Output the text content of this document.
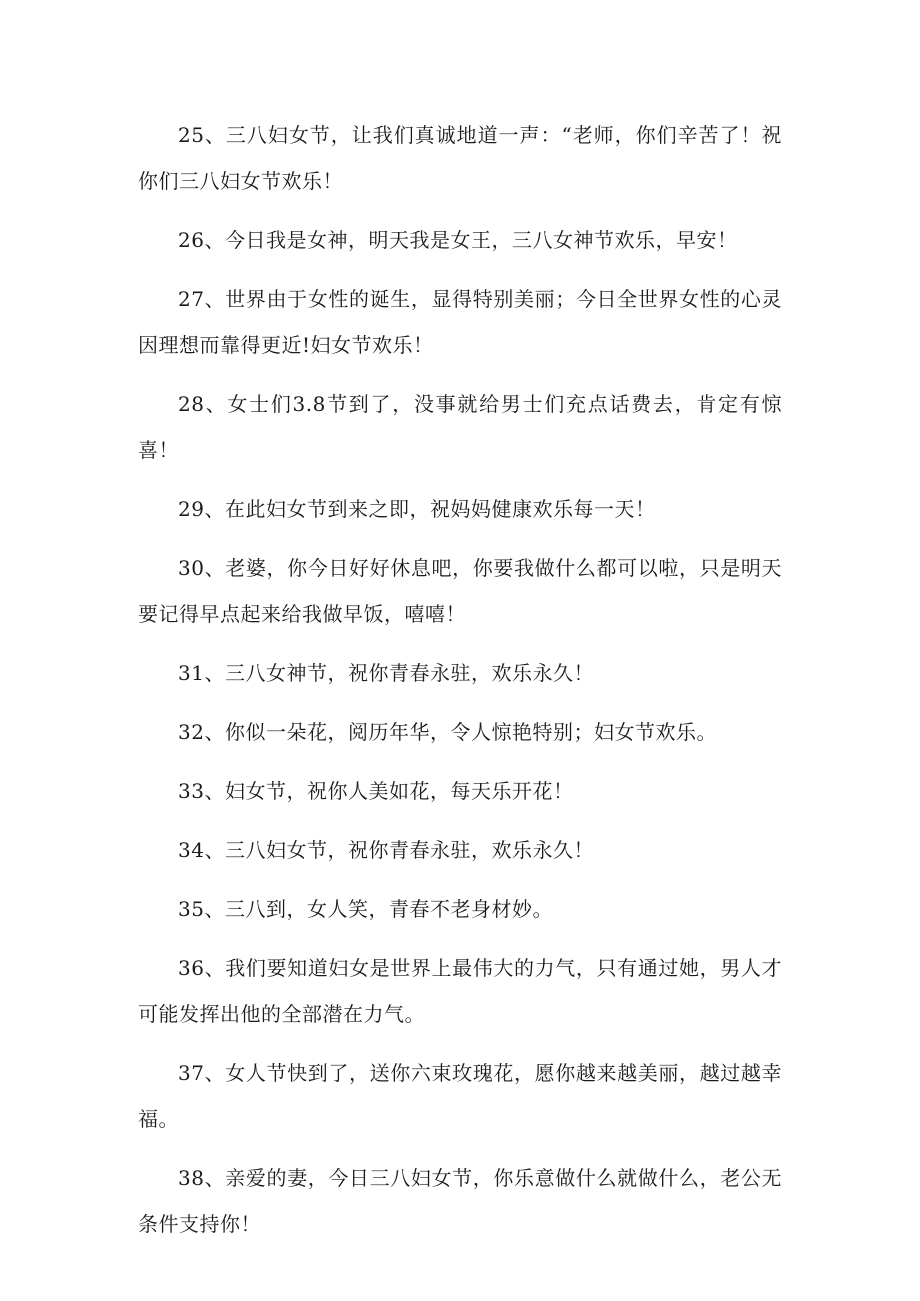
25、三八妇女节，让我们真诚地道一声：“老师，你们辛苦了！祝你们三八妇女节欢乐！

26、今日我是女神，明天我是女王，三八女神节欢乐，早安！

27、世界由于女性的诞生，显得特别美丽；今日全世界女性的心灵因理想而靠得更近!妇女节欢乐！

28、女士们3.8节到了，没事就给男士们充点话费去，肯定有惊喜！

29、在此妇女节到来之即，祝妈妈健康欢乐每一天！

30、老婆，你今日好好休息吧，你要我做什么都可以啦，只是明天要记得早点起来给我做早饭，嘻嘻！

31、三八女神节，祝你青春永驻，欢乐永久！

32、你似一朵花，阅历年华，令人惊艳特别；妇女节欢乐。

33、妇女节，祝你人美如花，每天乐开花！

34、三八妇女节，祝你青春永驻，欢乐永久！

35、三八到，女人笑，青春不老身材妙。

36、我们要知道妇女是世界上最伟大的力气，只有通过她，男人才可能发挥出他的全部潜在力气。

37、女人节快到了，送你六束玫瑰花，愿你越来越美丽，越过越幸福。

38、亲爱的妻，今日三八妇女节，你乐意做什么就做什么，老公无条件支持你！
